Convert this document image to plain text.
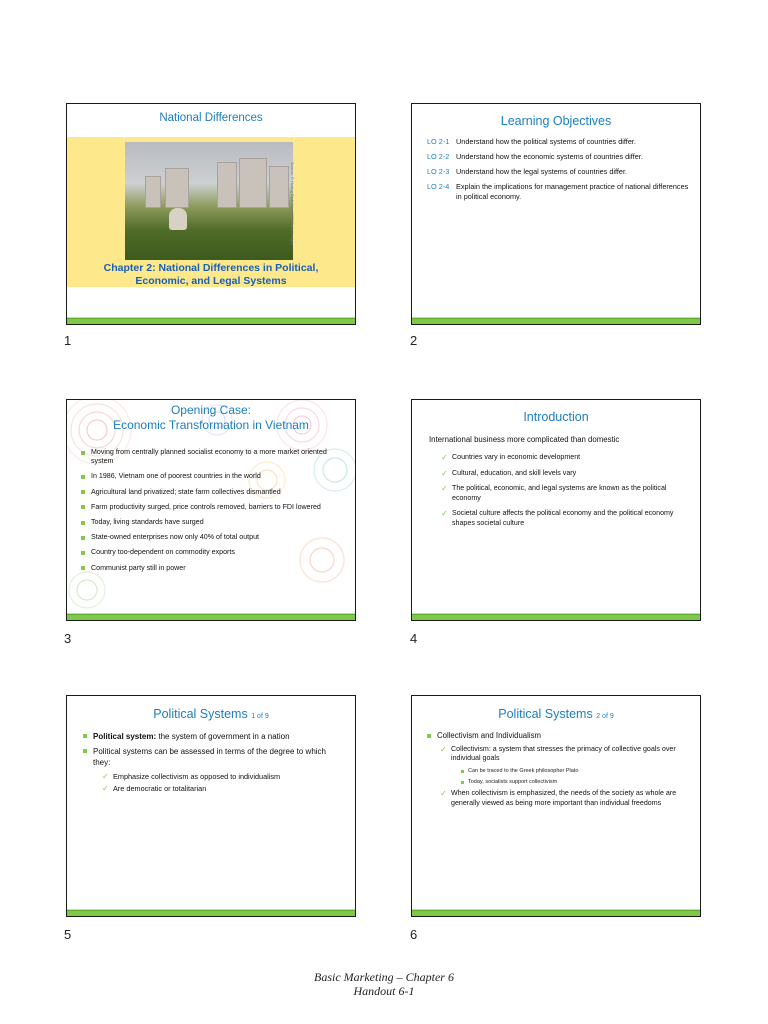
National Differences
Source: © Hoang Dinh Nam/AFP/Getty Images
Chapter 2: National Differences in Political,
Economic, and Legal Systems
1
Learning Objectives
LO 2-1 Understand how the political systems of countries differ.
LO 2-2 Understand how the economic systems of countries differ.
LO 2-3 Understand how the legal systems of countries differ.
LO 2-4 Explain the implications for management practice of national differences in political economy.
2
Opening Case:
Economic Transformation in Vietnam
Moving from centrally planned socialist economy to a more market oriented system
In 1986, Vietnam one of poorest countries in the world
Agricultural land privatized; state farm collectives dismantled
Farm productivity surged, price controls removed, barriers to FDI lowered
Today, living standards have surged
State-owned enterprises now only 40% of total output
Country too-dependent on commodity exports
Communist party still in power
3
Introduction
International business more complicated than domestic
✓ Countries vary in economic development
✓ Cultural, education, and skill levels vary
✓ The political, economic, and legal systems are known as the political economy
✓ Societal culture affects the political economy and the political economy shapes societal culture
4
Political Systems 1 of 9
Political system: the system of government in a nation
Political systems can be assessed in terms of the degree to which they:
✓ Emphasize collectivism as opposed to individualism
✓ Are democratic or totalitarian
5
Political Systems 2 of 9
Collectivism and Individualism
✓ Collectivism: a system that stresses the primacy of collective goals over individual goals
Can be traced to the Greek philosopher Plato
Today, socialists support collectivism
✓ When collectivism is emphasized, the needs of the society as whole are generally viewed as being more important than individual freedoms
6
Basic Marketing – Chapter 6
Handout 6-1
